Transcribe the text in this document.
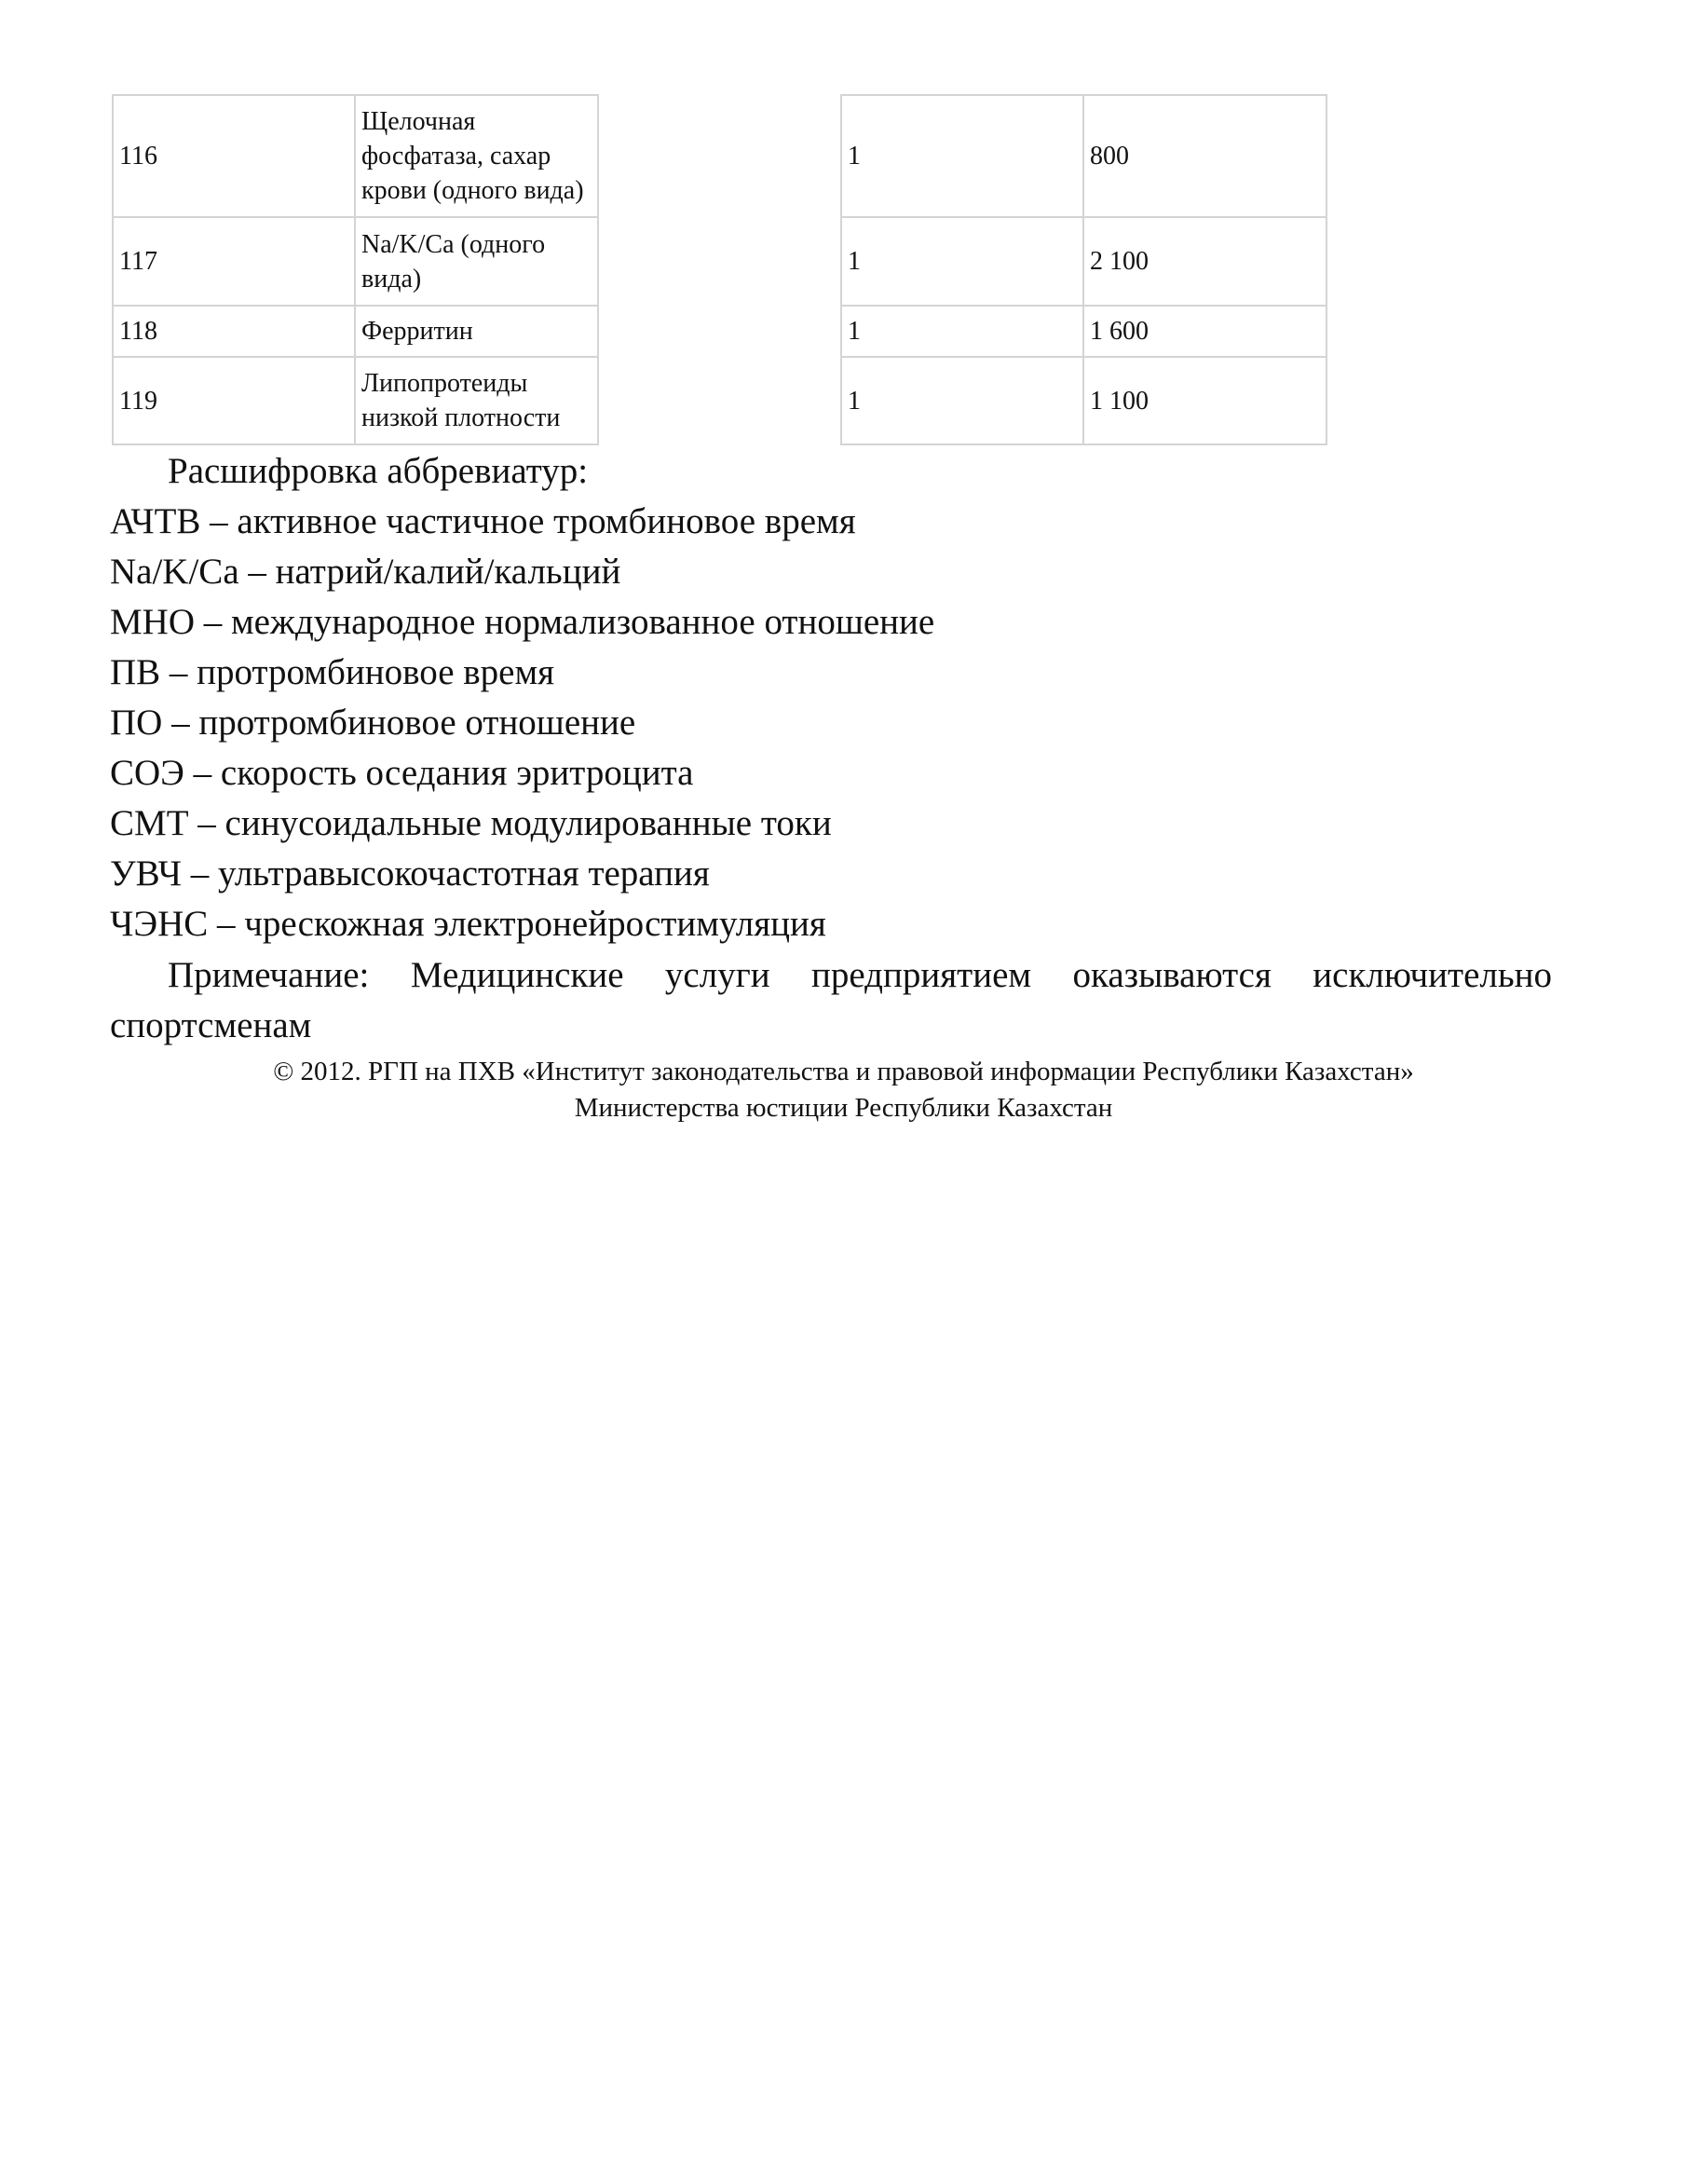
116	Щелочная фосфатаза, сахар крови (одного вида)		1	800
117	Na/K/Ca (одного вида)		1	2 100
118	Ферритин		1	1 600
119	Липопротеиды низкой плотности		1	1 100
Расшифровка аббревиатур:
АЧТВ – активное частичное тромбиновое время
Na/K/Ca – натрий/калий/кальций
МНО – международное нормализованное отношение
ПВ – протромбиновое время
ПО – протромбиновое отношение
СОЭ – скорость оседания эритроцита
СМТ – синусоидальные модулированные токи
УВЧ – ультравысокочастотная терапия
ЧЭНС – чрескожная электронейростимуляция
Примечание: Медицинские услуги предприятием оказываются исключительно спортсменам
© 2012. РГП на ПХВ «Институт законодательства и правовой информации Республики Казахстан»
Министерства юстиции Республики Казахстан
